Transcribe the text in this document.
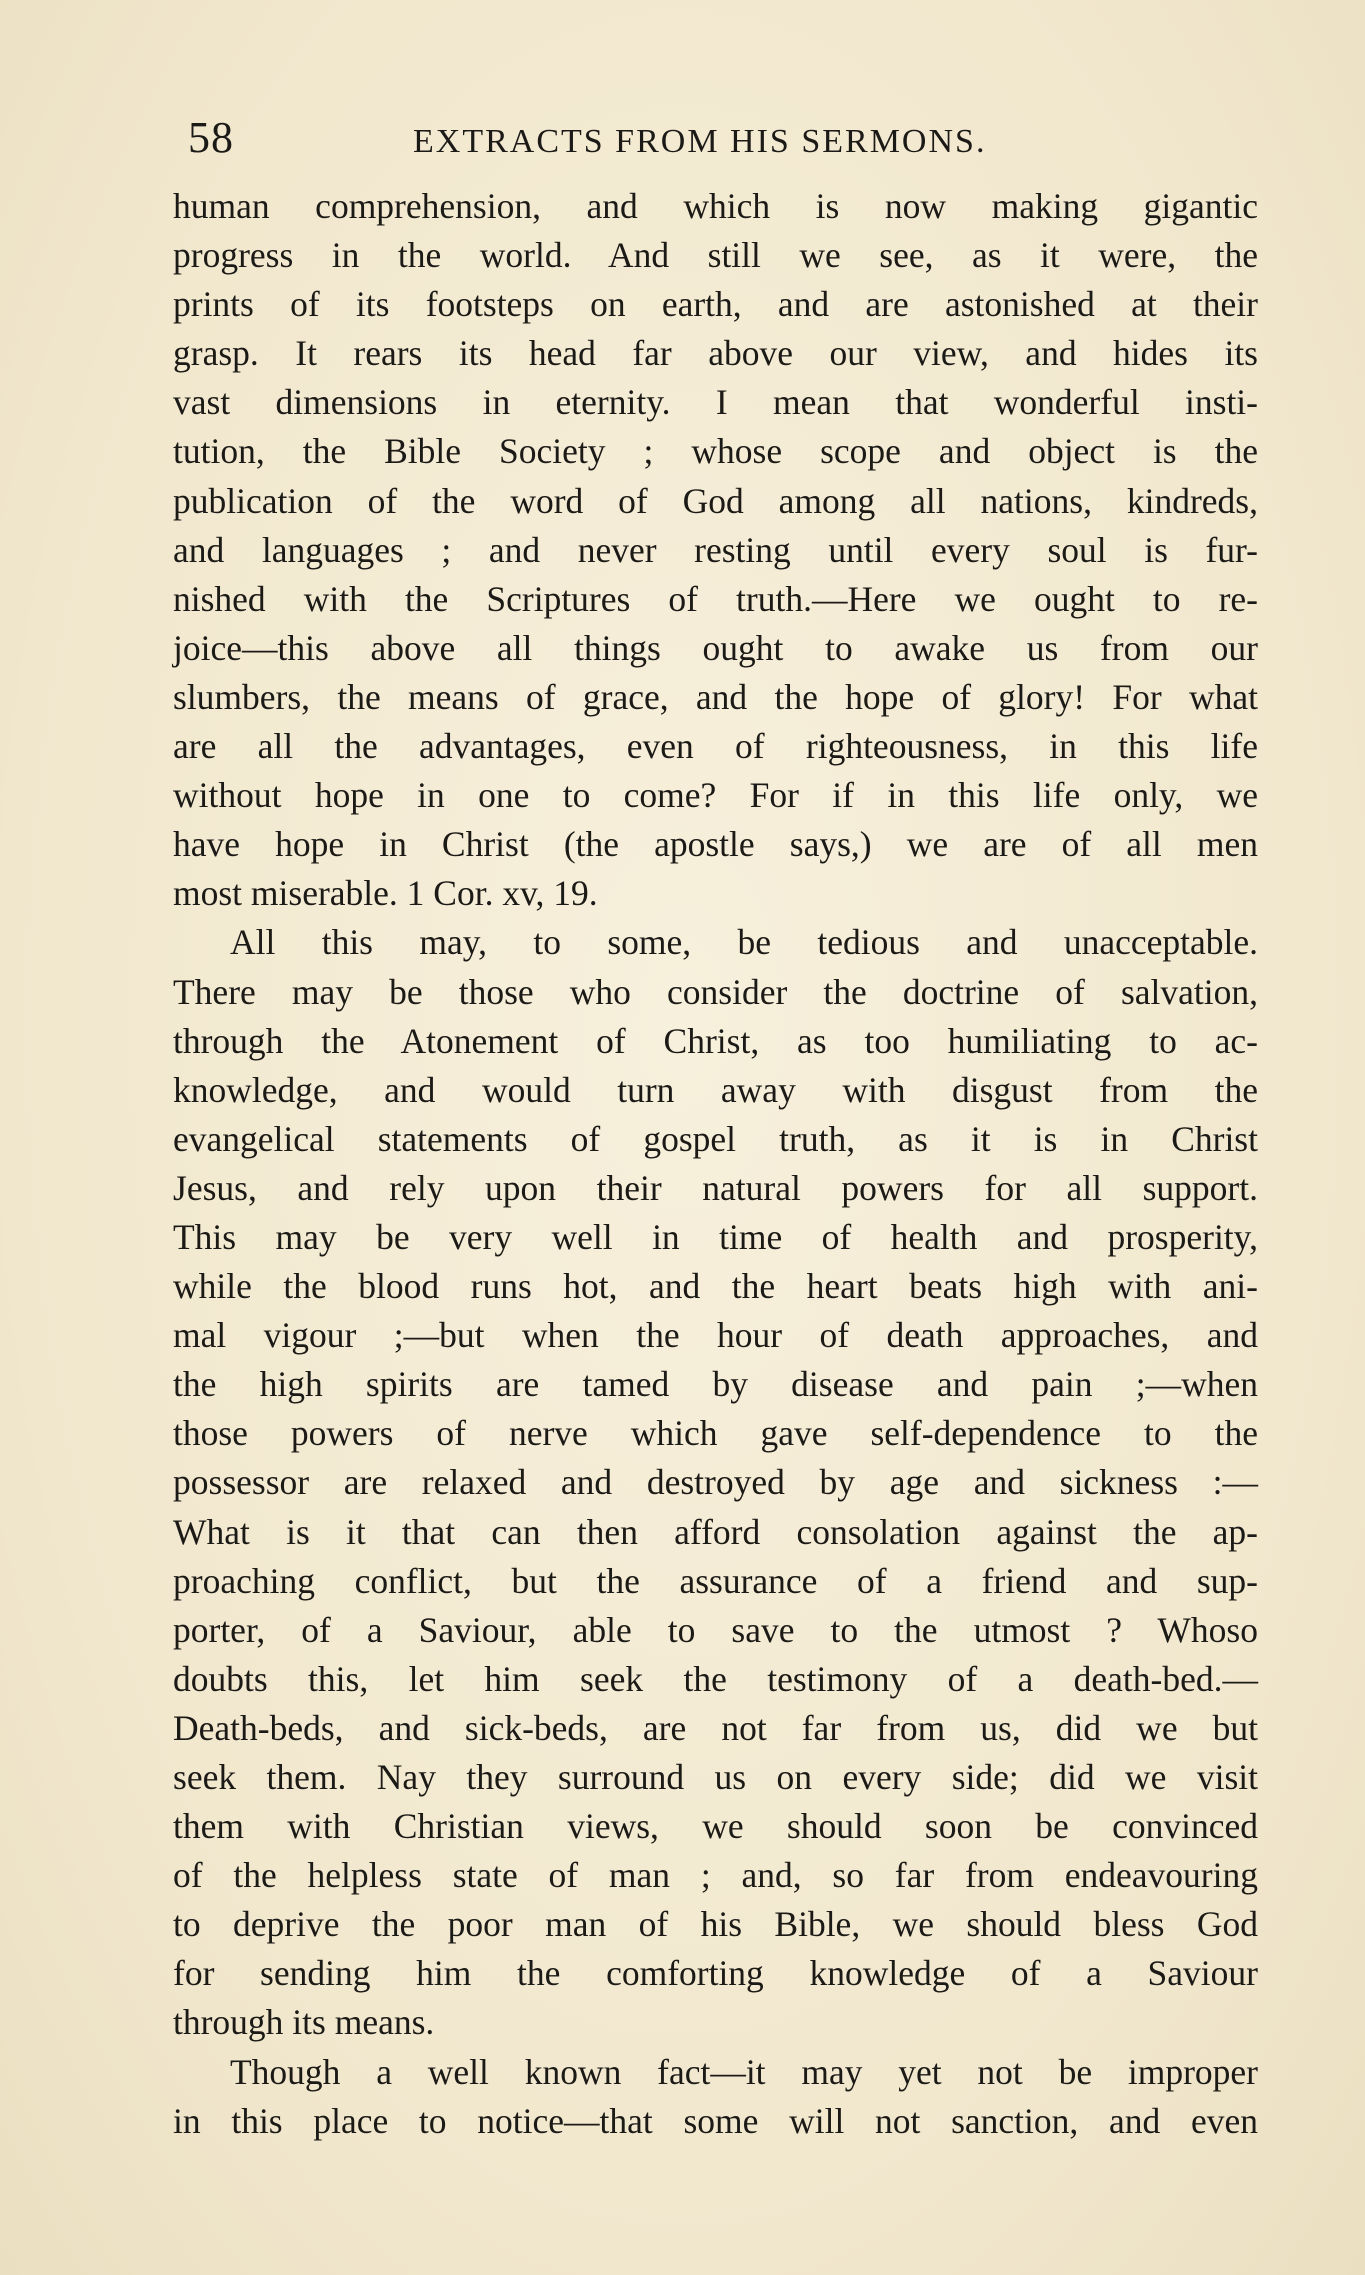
58	EXTRACTS FROM HIS SERMONS.
human comprehension, and which is now making gigantic
progress in the world. And still we see, as it were, the
prints of its footsteps on earth, and are astonished at their
grasp. It rears its head far above our view, and hides its
vast dimensions in eternity. I mean that wonderful insti-
tution, the Bible Society ; whose scope and object is the
publication of the word of God among all nations, kindreds,
and languages ; and never resting until every soul is fur-
nished with the Scriptures of truth.—Here we ought to re-
joice—this above all things ought to awake us from our
slumbers, the means of grace, and the hope of glory! For what
are all the advantages, even of righteousness, in this life
without hope in one to come? For if in this life only, we
have hope in Christ (the apostle says,) we are of all men
most miserable. 1 Cor. xv, 19.
All this may, to some, be tedious and unacceptable.
There may be those who consider the doctrine of salvation,
through the Atonement of Christ, as too humiliating to ac-
knowledge, and would turn away with disgust from the
evangelical statements of gospel truth, as it is in Christ
Jesus, and rely upon their natural powers for all support.
This may be very well in time of health and prosperity,
while the blood runs hot, and the heart beats high with ani-
mal vigour ;—but when the hour of death approaches, and
the high spirits are tamed by disease and pain ;—when
those powers of nerve which gave self-dependence to the
possessor are relaxed and destroyed by age and sickness :—
What is it that can then afford consolation against the ap-
proaching conflict, but the assurance of a friend and sup-
porter, of a Saviour, able to save to the utmost ? Whoso
doubts this, let him seek the testimony of a death-bed.—
Death-beds, and sick-beds, are not far from us, did we but
seek them. Nay they surround us on every side; did we visit
them with Christian views, we should soon be convinced
of the helpless state of man ; and, so far from endeavouring
to deprive the poor man of his Bible, we should bless God
for sending him the comforting knowledge of a Saviour
through its means.
Though a well known fact—it may yet not be improper
in this place to notice—that some will not sanction, and even
